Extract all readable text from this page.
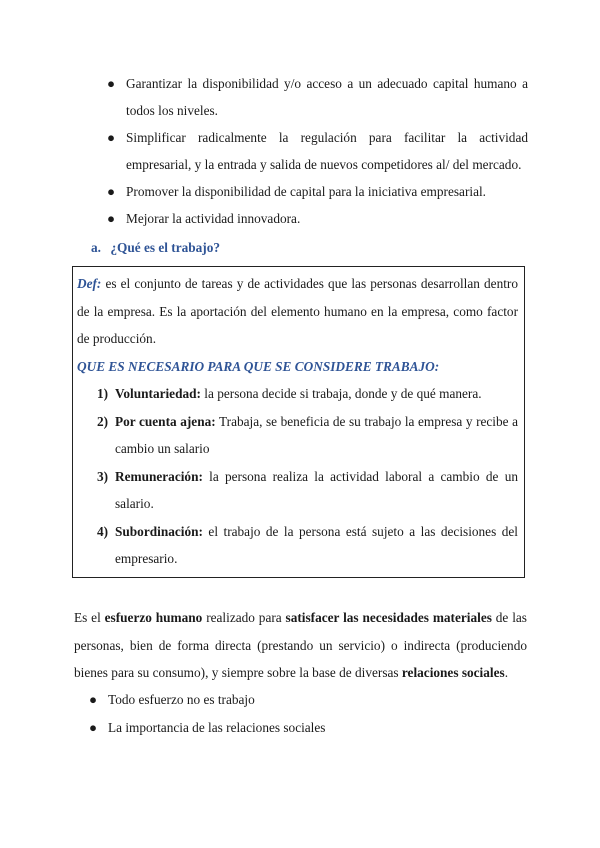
● Garantizar la disponibilidad y/o acceso a un adecuado capital humano a todos los niveles.
● Simplificar radicalmente la regulación para facilitar la actividad empresarial, y la entrada y salida de nuevos competidores al/ del mercado.
● Promover la disponibilidad de capital para la iniciativa empresarial.
● Mejorar la actividad innovadora.
a. ¿Qué es el trabajo?

Def: es el conjunto de tareas y de actividades que las personas desarrollan dentro de la empresa. Es la aportación del elemento humano en la empresa, como factor de producción.

QUE ES NECESARIO PARA QUE SE CONSIDERE TRABAJO:

1) Voluntariedad: la persona decide si trabaja, donde y de qué manera.
2) Por cuenta ajena: Trabaja, se beneficia de su trabajo la empresa y recibe a cambio un salario
3) Remuneración: la persona realiza la actividad laboral a cambio de un salario.
4) Subordinación: el trabajo de la persona está sujeto a las decisiones del empresario.

Es el esfuerzo humano realizado para satisfacer las necesidades materiales de las personas, bien de forma directa (prestando un servicio) o indirecta (produciendo bienes para su consumo), y siempre sobre la base de diversas relaciones sociales.

● Todo esfuerzo no es trabajo
● La importancia de las relaciones sociales
